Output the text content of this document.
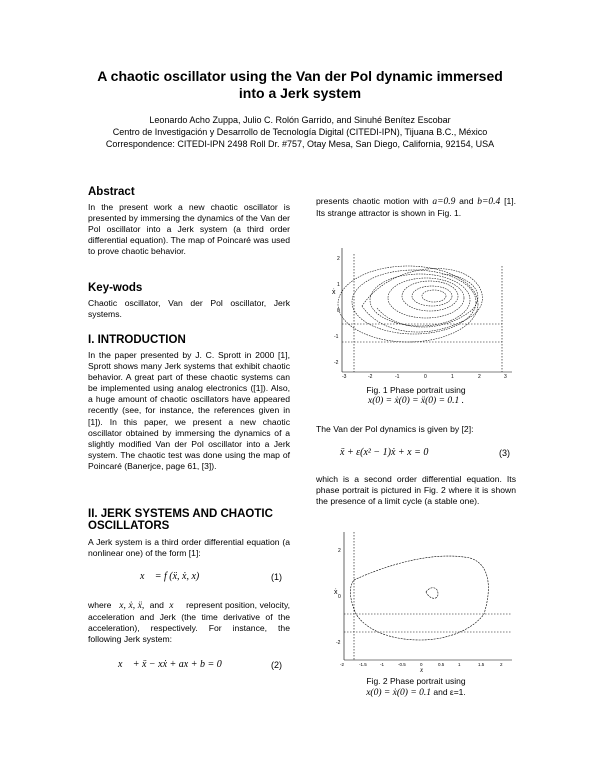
A chaotic oscillator using the Van der Pol dynamic immersed
into a Jerk system
Leonardo Acho Zuppa, Julio C. Rolón Garrido, and Sinuhé Benítez Escobar
Centro de Investigación y Desarrollo de Tecnología Digital (CITEDI-IPN), Tijuana B.C., México
Correspondence: CITEDI-IPN 2498 Roll Dr. #757, Otay Mesa, San Diego, California, 92154, USA
Abstract
In the present work a new chaotic oscillator is presented by immersing the dynamics of the Van der Pol oscillator into a Jerk system (a third order differential equation). The map of Poincaré was used to prove chaotic behavior.
Key-wods
Chaotic oscillator, Van der Pol oscillator, Jerk systems.
I. INTRODUCTION
In the paper presented by J. C. Sprott in 2000 [1], Sprott shows many Jerk systems that exhibit chaotic behavior. A great part of these chaotic systems can be implemented using analog electronics ([1]). Also, a huge amount of chaotic oscillators have appeared recently (see, for instance, the references given in [1]). In this paper, we present a new chaotic oscillator obtained by immersing the dynamics of a slightly modified Van der Pol oscillator into a Jerk system. The chaotic test was done using the map of Poincaré (Banerjce, page 61, [3]).
II. JERK SYSTEMS AND CHAOTIC
OSCILLATORS
A Jerk system is a third order differential equation (a nonlinear one) of the form [1]:
x⃛ = f (ẍ, ẋ, x)	(1)
where x, ẋ, ẍ, and x⃛ represent position, velocity, acceleration and Jerk (the time derivative of the acceleration), respectively. For instance, the following Jerk system:
x⃛ + ẍ − xẋ + ax + b = 0	(2)
presents chaotic motion with a=0.9 and b=0.4 [1]. Its strange attractor is shown in Fig. 1.
ẋ
2
1
0
-1
-2
-3	-2	-1	0	1	2	3
Fig. 1 Phase portrait using
x(0) = ẋ(0) = ẍ(0) = 0.1 .
The Van der Pol dynamics is given by [2]:
ẍ + ε(x² − 1)ẋ + x = 0	(3)
which is a second order differential equation. Its phase portrait is pictured in Fig. 2 where it is shown the presence of a limit cycle (a stable one).
ẋ
2
0
-2
-2	-1.5	-1	-0.5	0	0.5	1	1.5	2
x
Fig. 2 Phase portrait using
x(0) = ẋ(0) = 0.1 and ε=1.
